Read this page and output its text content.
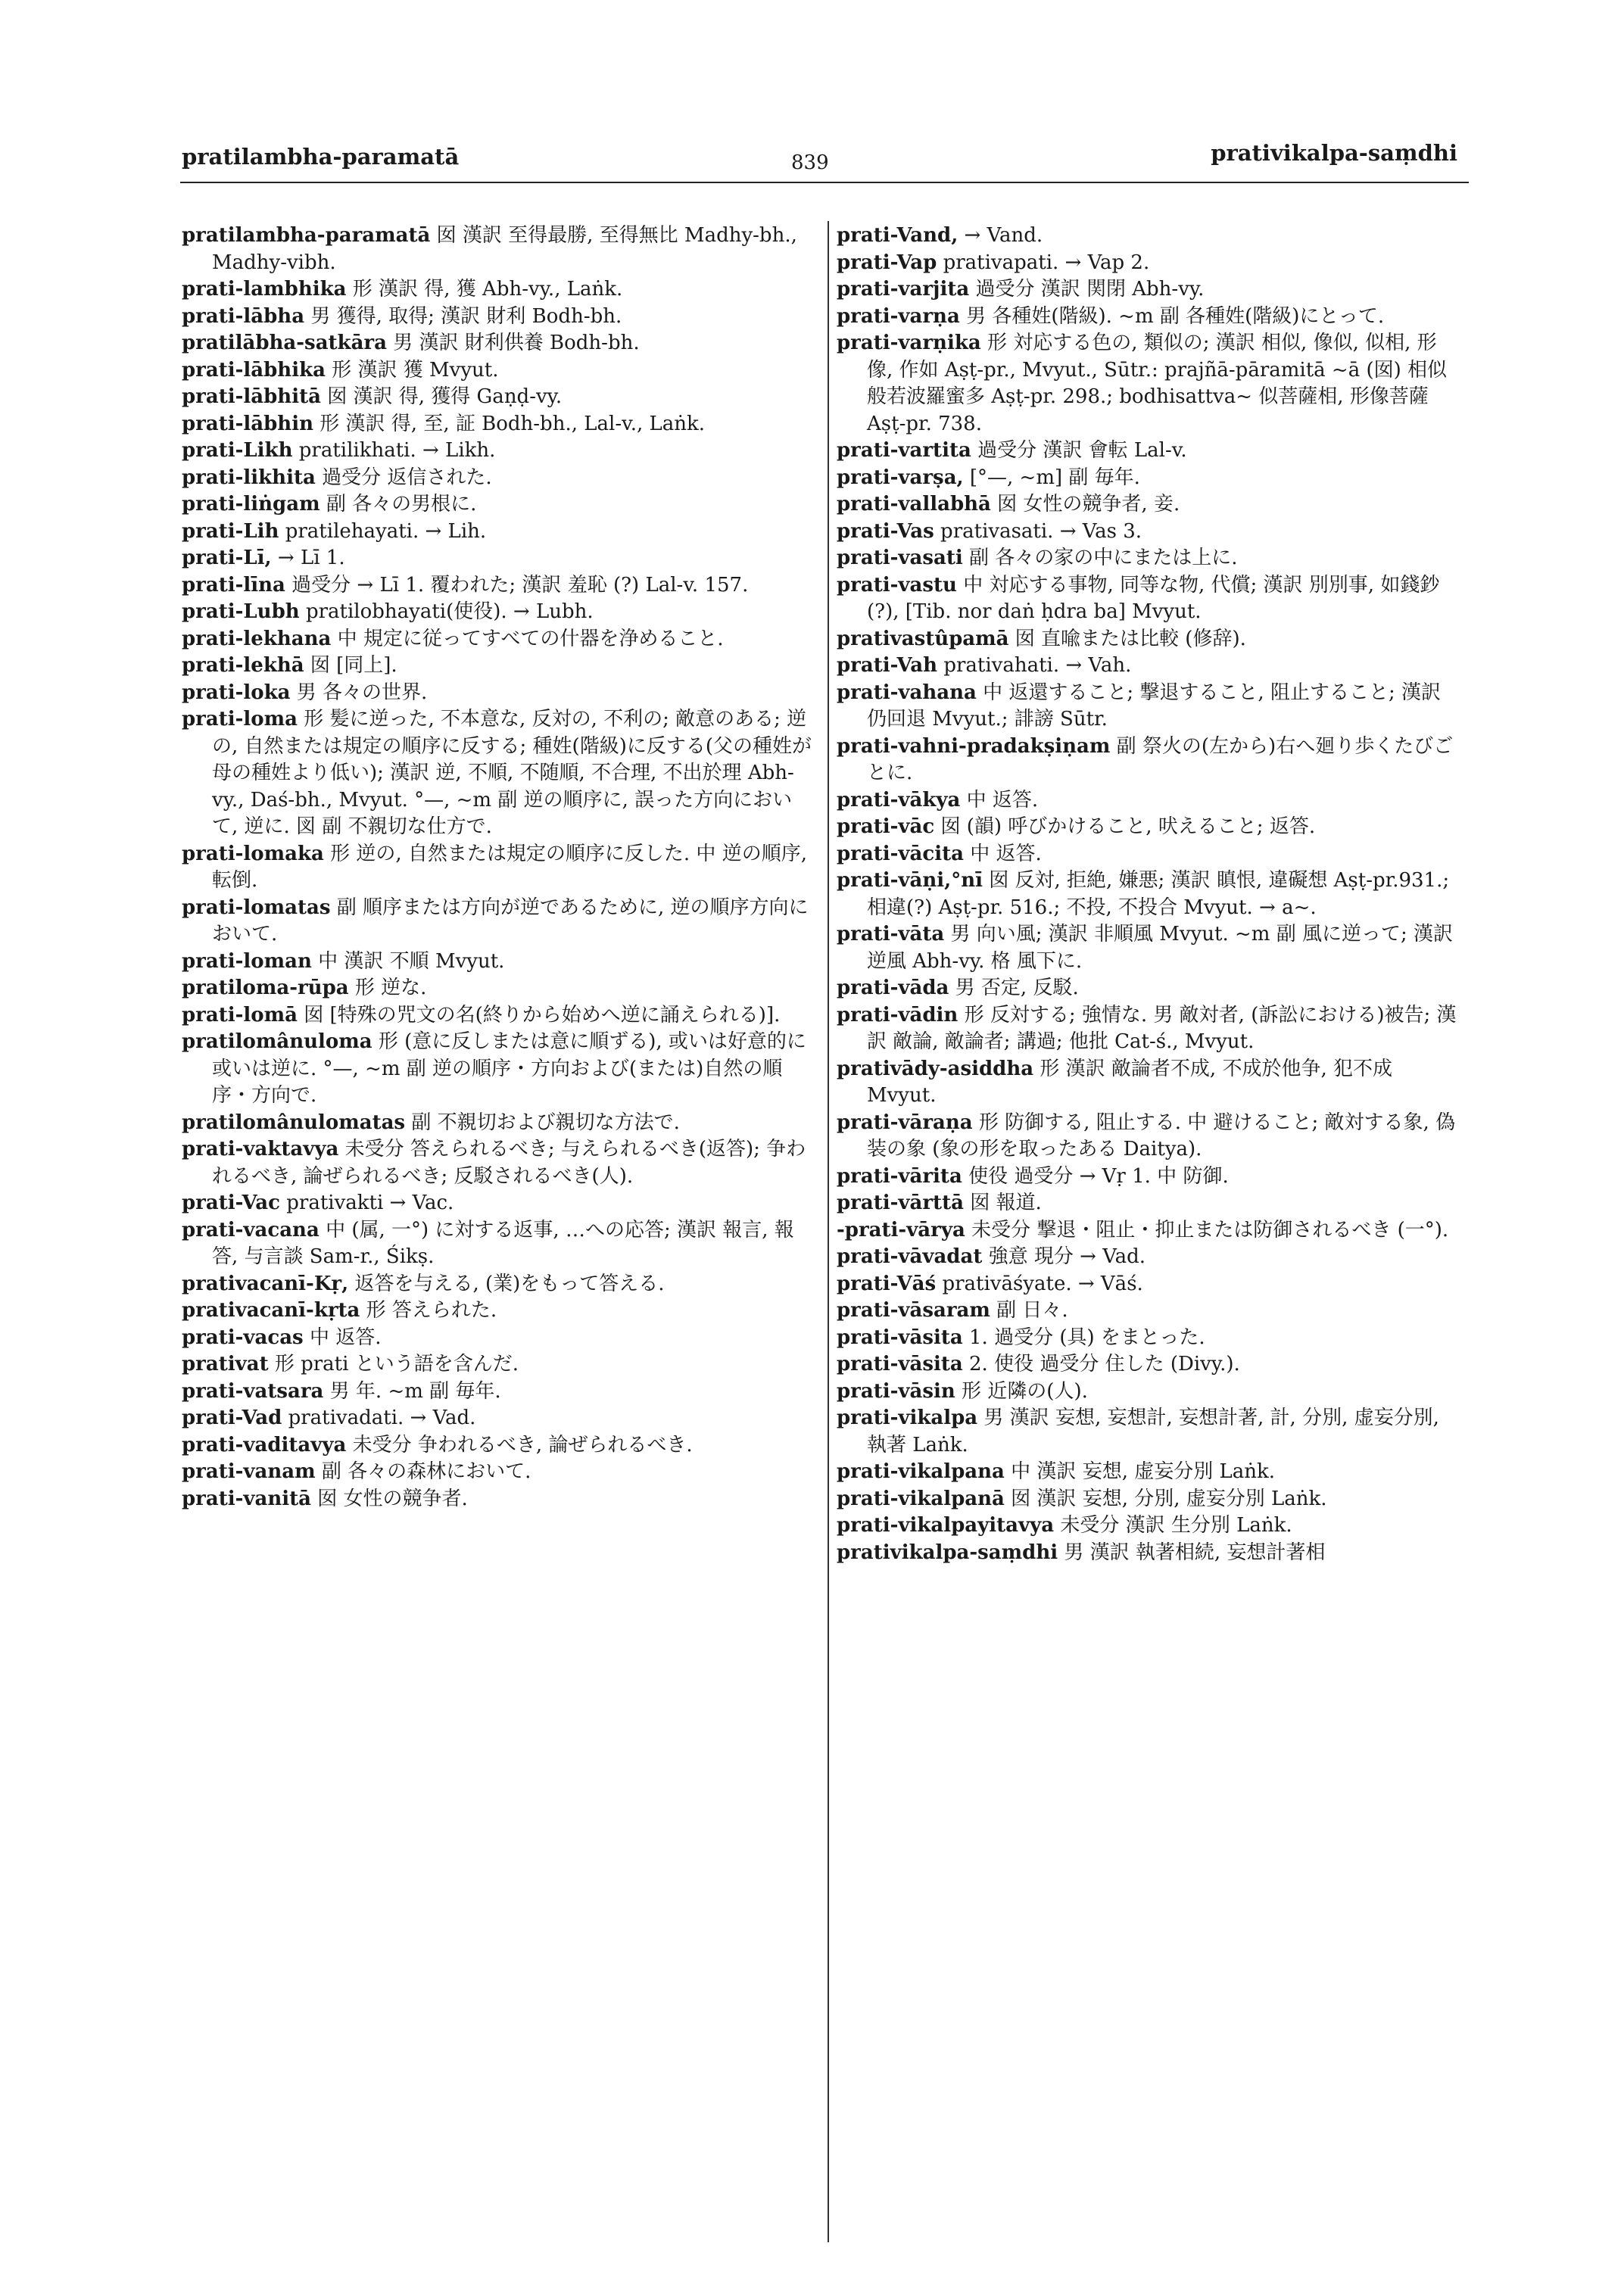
pratilambha-paramatā	839	prativikalpa-saṃdhi

pratilambha-paramatā 囡 漢訳 至得最勝, 至得無比 Madhy-bh., Madhy-vibh.

prati-lambhika 形 漢訳 得, 獲 Abh-vy., Laṅk.

prati-lābha 男 獲得, 取得; 漢訳 財利 Bodh-bh.

pratilābha-satkāra 男 漢訳 財利供養 Bodh-bh.

prati-lābhika 形 漢訳 獲 Mvyut.

prati-lābhitā 囡 漢訳 得, 獲得 Gaṇḍ-vy.

prati-lābhin 形 漢訳 得, 至, 証 Bodh-bh., Lal-v., Laṅk.

prati-Likh pratilikhati. → Likh.

prati-likhita 過受分 返信された.

prati-liṅgam 副 各々の男根に.

prati-Lih pratilehayati. → Lih.

prati-Lī, → Lī 1.

prati-līna 過受分 → Lī 1. 覆われた; 漢訳 羞恥 (?) Lal-v. 157.

prati-Lubh pratilobhayati(使役). → Lubh.

prati-lekhana 中 規定に従ってすべての什器を浄めること.

prati-lekhā 囡 [同上].

prati-loka 男 各々の世界.

prati-loma 形 髪に逆った, 不本意な, 反対の, 不利の; 敵意のある; 逆の, 自然または規定の順序に反する; 種姓(階級)に反する(父の種姓が母の種姓より低い); 漢訳 逆, 不順, 不随順, 不合理, 不出於理 Abh-vy., Daś-bh., Mvyut. °—, ~m 副 逆の順序に, 誤った方向において, 逆に. 図 副 不親切な仕方で.

prati-lomaka 形 逆の, 自然または規定の順序に反した. 中 逆の順序, 転倒.

prati-lomatas 副 順序または方向が逆であるために, 逆の順序方向において.

prati-loman 中 漢訳 不順 Mvyut.

pratiloma-rūpa 形 逆な.

prati-lomā 囡 [特殊の咒文の名(終りから始めへ逆に誦えられる)].

pratilomânuloma 形 (意に反しまたは意に順ずる), 或いは好意的に或いは逆に. °—, ~m 副 逆の順序・方向および(または)自然の順序・方向で.

pratilomânulomatas 副 不親切および親切な方法で.

prati-vaktavya 未受分 答えられるべき; 与えられるべき(返答); 争われるべき, 論ぜられるべき; 反駁されるべき(人).

prati-Vac prativakti → Vac.

prati-vacana 中 (属, 一°) に対する返事, …への応答; 漢訳 報言, 報答, 与言談 Sam-r., Śikṣ.

prativacanī-Kṛ, 返答を与える, (業)をもって答える.

prativacanī-kṛta 形 答えられた.

prati-vacas 中 返答.

prativat 形 prati という語を含んだ.

prati-vatsara 男 年. ~m 副 毎年.

prati-Vad prativadati. → Vad.

prati-vaditavya 未受分 争われるべき, 論ぜられるべき.

prati-vanam 副 各々の森林において.

prati-vanitā 囡 女性の競争者.

prati-Vand, → Vand.

prati-Vap prativapati. → Vap 2.

prati-varjita 過受分 漢訳 関閉 Abh-vy.

prati-varṇa 男 各種姓(階級). ~m 副 各種姓(階級)にとって.

prati-varṇika 形 対応する色の, 類似の; 漢訳 相似, 像似, 似相, 形像, 作如 Aṣṭ-pr., Mvyut., Sūtr.: prajñā-pāramitā ~ā (囡) 相似般若波羅蜜多 Aṣṭ-pr. 298.; bodhisattva~ 似菩薩相, 形像菩薩 Aṣṭ-pr. 738.

prati-vartita 過受分 漢訳 會転 Lal-v.

prati-varṣa, [°—, ~m] 副 毎年.

prati-vallabhā 囡 女性の競争者, 妾.

prati-Vas prativasati. → Vas 3.

prati-vasati 副 各々の家の中にまたは上に.

prati-vastu 中 対応する事物, 同等な物, 代償; 漢訳 別別事, 如錢鈔(?), [Tib. nor daṅ ḥdra ba] Mvyut.

prativastûpamā 囡 直喩または比較 (修辞).

prati-Vah prativahati. → Vah.

prati-vahana 中 返還すること; 撃退すること, 阻止すること; 漢訳 仍回退 Mvyut.; 誹謗 Sūtr.

prati-vahni-pradakṣiṇam 副 祭火の(左から)右へ廻り歩くたびごとに.

prati-vākya 中 返答.

prati-vāc 囡 (韻) 呼びかけること, 吠えること; 返答.

prati-vācita 中 返答.

prati-vāṇi,°nī 囡 反対, 拒絶, 嫌悪; 漢訳 瞋恨, 違礙想 Aṣṭ-pr.931.; 相違(?) Aṣṭ-pr. 516.; 不投, 不投合 Mvyut. → a~.

prati-vāta 男 向い風; 漢訳 非順風 Mvyut. ~m 副 風に逆って; 漢訳 逆風 Abh-vy. 格 風下に.

prati-vāda 男 否定, 反駁.

prati-vādin 形 反対する; 強情な. 男 敵対者, (訴訟における)被告; 漢訳 敵論, 敵論者; 講過; 他批 Cat-ś., Mvyut.

prativādy-asiddha 形 漢訳 敵論者不成, 不成於他争, 犯不成 Mvyut.

prati-vāraṇa 形 防御する, 阻止する. 中 避けること; 敵対する象, 偽装の象 (象の形を取ったある Daitya).

prati-vārita 使役 過受分 → Vṛ 1. 中 防御.

prati-vārttā 囡 報道.

-prati-vārya 未受分 撃退・阻止・抑止または防御されるべき (一°).

prati-vāvadat 強意 現分 → Vad.

prati-Vāś prativāśyate. → Vāś.

prati-vāsaram 副 日々.

prati-vāsita 1. 過受分 (具) をまとった.

prati-vāsita 2. 使役 過受分 住した (Divy.).

prati-vāsin 形 近隣の(人).

prati-vikalpa 男 漢訳 妄想, 妄想計, 妄想計著, 計, 分別, 虚妄分別, 執著 Laṅk.

prati-vikalpana 中 漢訳 妄想, 虚妄分別 Laṅk.

prati-vikalpanā 囡 漢訳 妄想, 分別, 虚妄分別 Laṅk.

prati-vikalpayitavya 未受分 漢訳 生分別 Laṅk.

prativikalpa-saṃdhi 男 漢訳 執著相続, 妄想計著相
